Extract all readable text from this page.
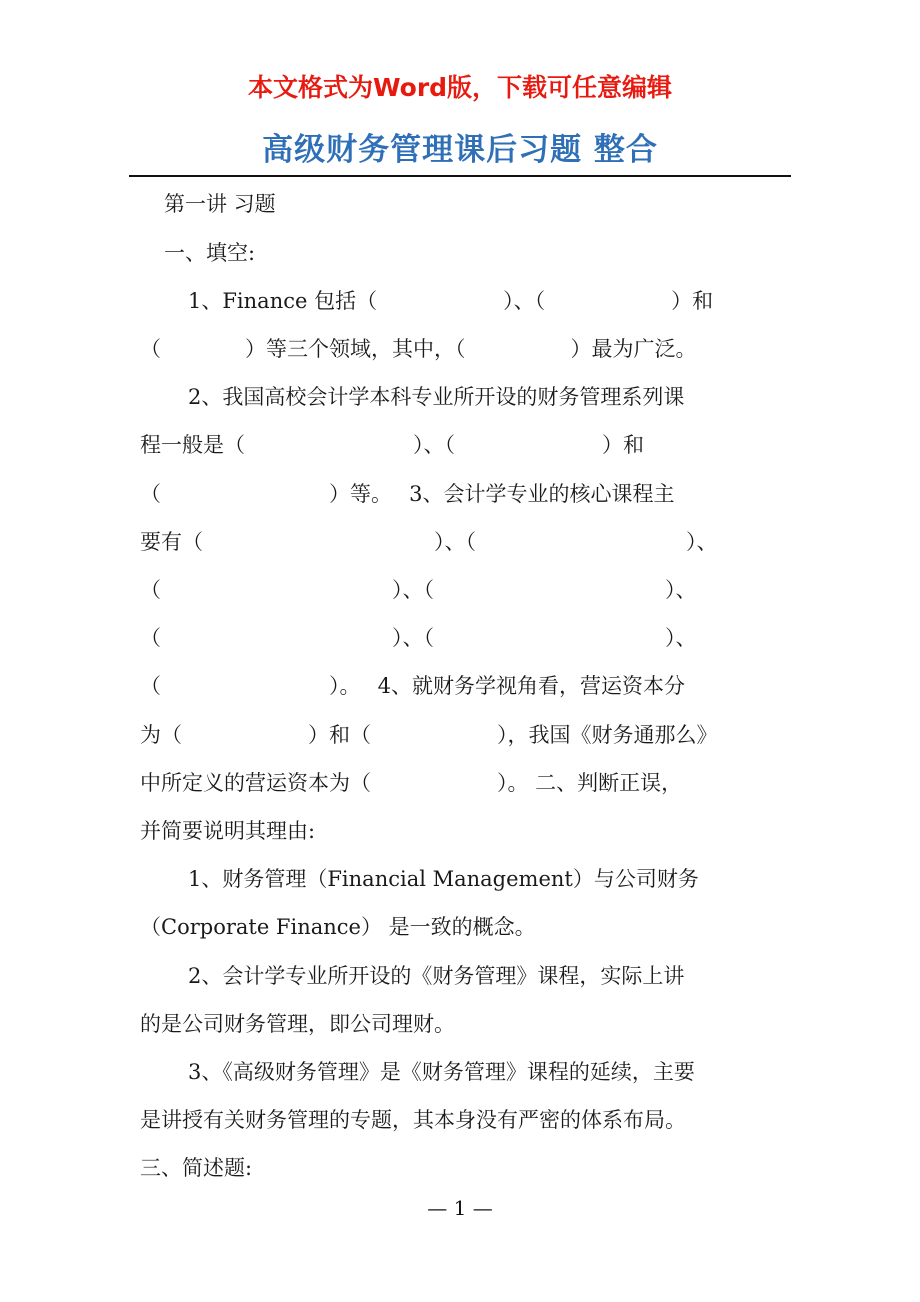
本文格式为Word版，下载可任意编辑
高级财务管理课后习题 整合
第一讲 习题
一、填空:
1、Finance 包括（　　　　　　）、（　　　　　　）和
（　　　　）等三个领域，其中，（　　　　　）最为广泛。
2、我国高校会计学本科专业所开设的财务管理系列课
程一般是（　　　　　　　　）、（　　　　　　　）和
（　　　　　　　　）等。　 3、会计学专业的核心课程主
要有（　　　　　　　　　　　）、（　　　　　　　　　　）、
（　　　　　　　　　　　）、（　　　　　　　　　　　）、
（　　　　　　　　　　　）、（　　　　　　　　　　　）、
（　　　　　　　　）。　 4、就财务学视角看，营运资本分
为（　　　　　　）和（　　　　　　），我国《财务通那么》
中所定义的营运资本为（　　　　　　）。 二、判断正误，
并简要说明其理由:
1、财务管理（Financial Management）与公司财务
（Corporate Finance） 是一致的概念。
2、会计学专业所开设的《财务管理》课程，实际上讲
的是公司财务管理，即公司理财。
3、《高级财务管理》是《财务管理》课程的延续，主要
是讲授有关财务管理的专题，其本身没有严密的体系布局。
三、简述题:
— 1 —
